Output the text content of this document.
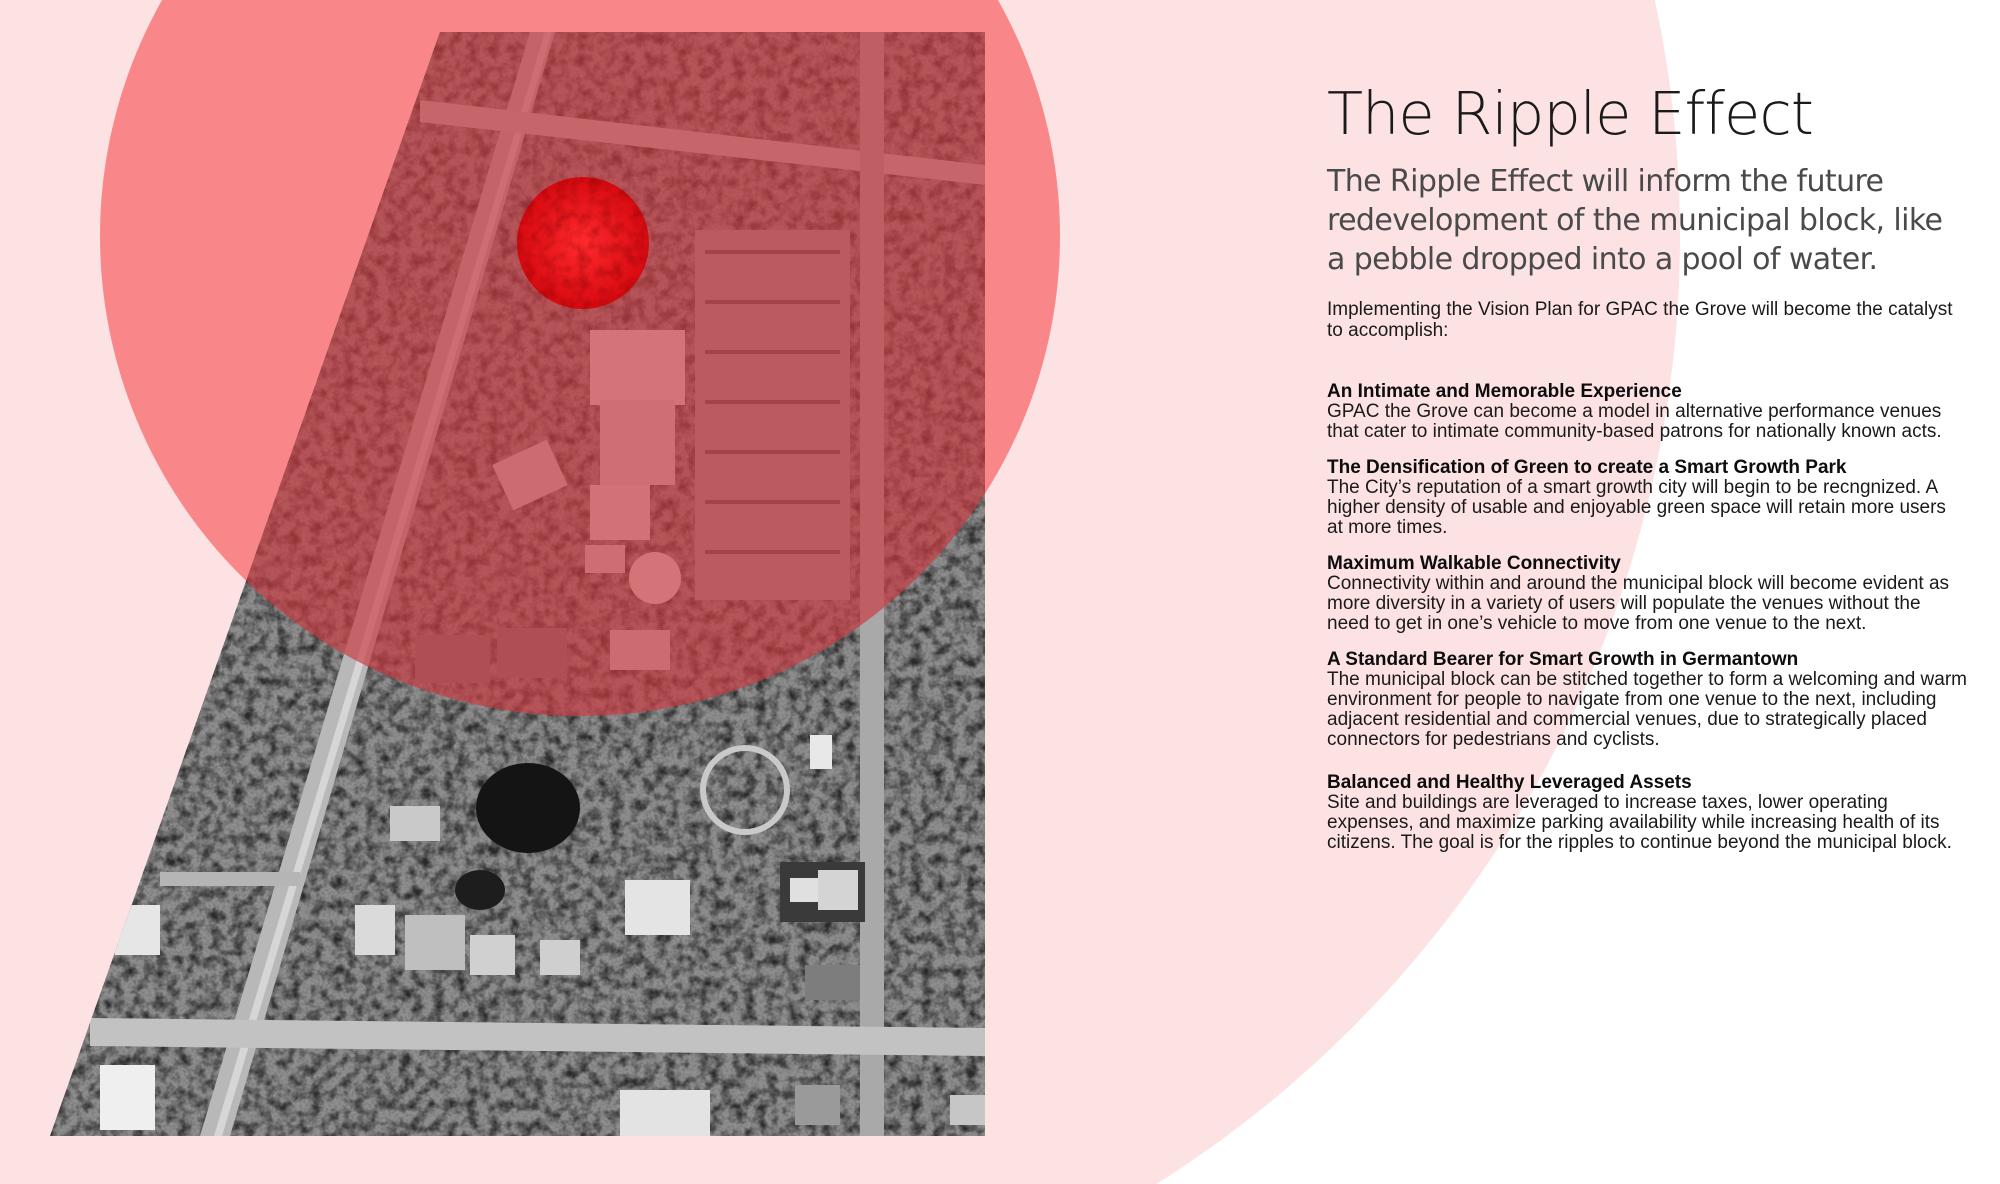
The Ripple Effect

The Ripple Effect will inform the future redevelopment of the municipal block, like a pebble dropped into a pool of water.

Implementing the Vision Plan for GPAC the Grove will become the catalyst to accomplish:

An Intimate and Memorable Experience

GPAC the Grove can become a model in alternative performance venues that cater to intimate community-based patrons for nationally known acts.

The Densification of Green to create a Smart Growth Park

The City’s reputation of a smart growth city will begin to be recngnized. A higher density of usable and enjoyable green space will retain more users at more times.

Maximum Walkable Connectivity

Connectivity within and around the municipal block will become evident as more diversity in a variety of users will populate the venues without the need to get in one’s vehicle to move from one venue to the next.

A Standard Bearer for Smart Growth in Germantown

The municipal block can be stitched together to form a welcoming and warm environment for people to navigate from one venue to the next, including adjacent residential and commercial venues, due to strategically placed connectors for pedestrians and cyclists.

Balanced and Healthy Leveraged Assets

Site and buildings are leveraged to increase taxes, lower operating expenses, and maximize parking availability while increasing health of its citizens. The goal is for the ripples to continue beyond the municipal block.
